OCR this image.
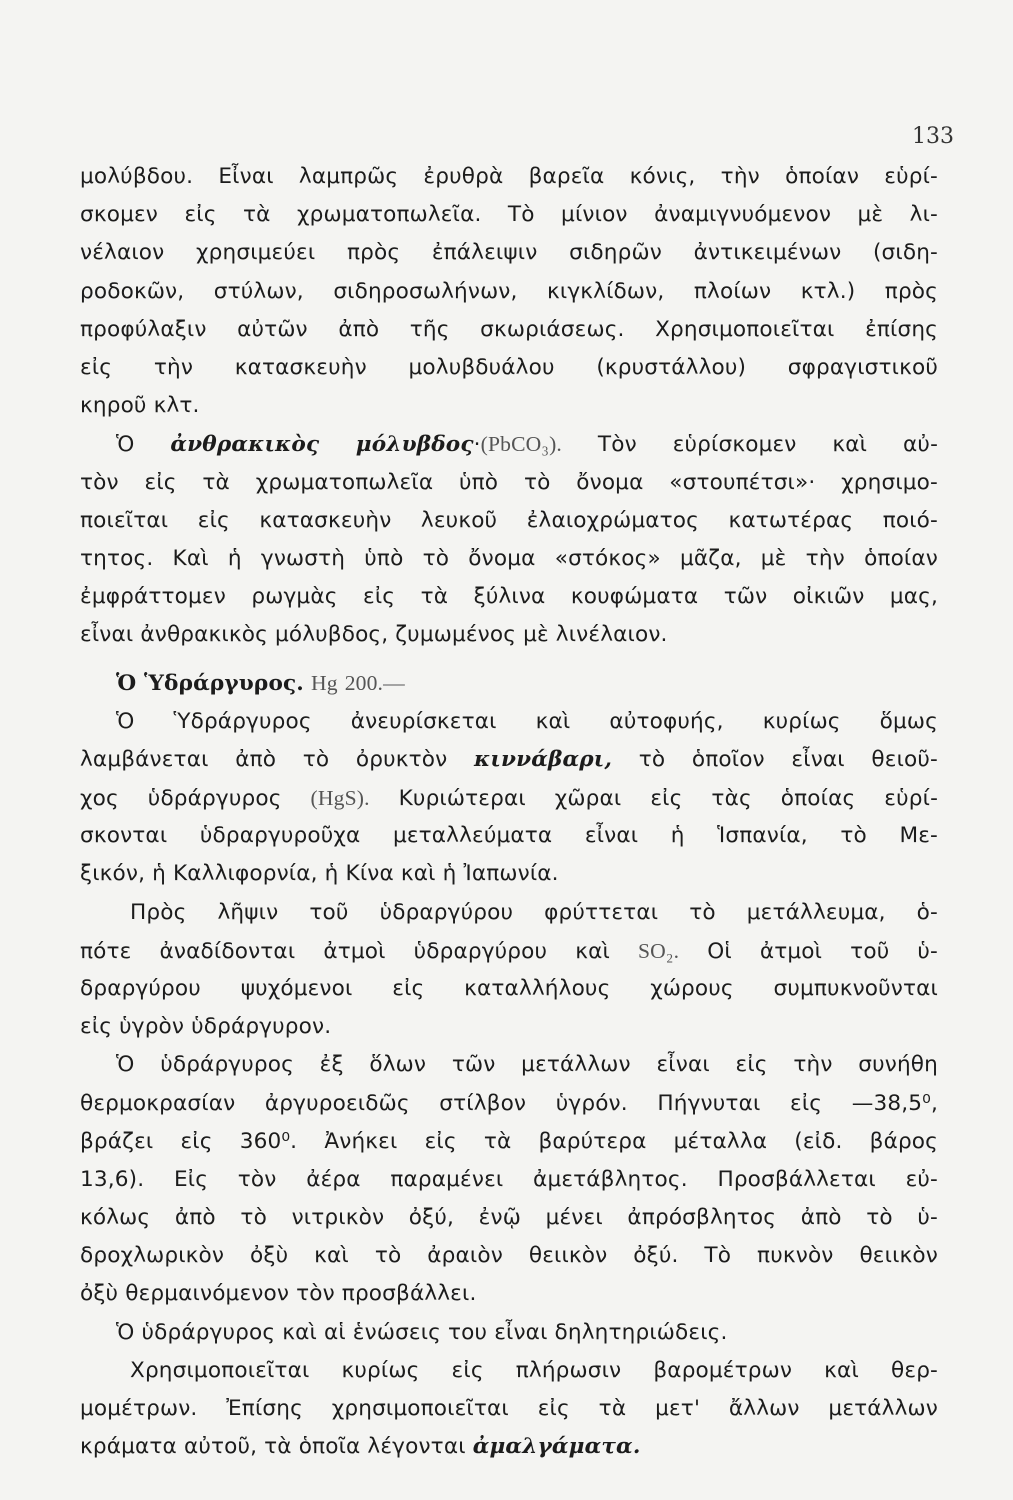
133
μολύβδου. Εἶναι λαμπρῶς ἐρυθρὰ βαρεῖα κόνις, τὴν ὁποίαν εὑρί-
σκομεν εἰς τὰ χρωματοπωλεῖα. Τὸ μίνιον ἀναμιγνυόμενον μὲ λι-
νέλαιον χρησιμεύει πρὸς ἐπάλειψιν σιδηρῶν ἀντικειμένων (σιδη-
ροδοκῶν, στύλων, σιδηροσωλήνων, κιγκλίδων, πλοίων κτλ.) πρὸς
προφύλαξιν αὐτῶν ἀπὸ τῆς σκωριάσεως. Χρησιμοποιεῖται ἐπίσης
εἰς τὴν κατασκευὴν μολυβδυάλου (κρυστάλλου) σφραγιστικοῦ
κηροῦ κλτ.
Ὁ ἀνθρακικὸς μόλυβδος·(PbCO₃). Τὸν εὑρίσκομεν καὶ αὐ-
τὸν εἰς τὰ χρωματοπωλεῖα ὑπὸ τὸ ὄνομα «στουπέτσι»· χρησιμο-
ποιεῖται εἰς κατασκευὴν λευκοῦ ἐλαιοχρώματος κατωτέρας ποιό-
τητος. Καὶ ἡ γνωστὴ ὑπὸ τὸ ὄνομα «στόκος» μᾶζα, μὲ τὴν ὁποίαν
ἐμφράττομεν ρωγμὰς εἰς τὰ ξύλινα κουφώματα τῶν οἰκιῶν μας,
εἶναι ἀνθρακικὸς μόλυβδος, ζυμωμένος μὲ λινέλαιον.
Ὁ Ὑδράργυρος. Hg 200.—
Ὁ Ὑδράργυρος ἀνευρίσκεται καὶ αὐτοφυής, κυρίως ὅμως
λαμβάνεται ἀπὸ τὸ ὀρυκτὸν κιννάβαρι, τὸ ὁποῖον εἶναι θειοῦ-
χος ὑδράργυρος (HgS). Κυριώτεραι χῶραι εἰς τὰς ὁποίας εὑρί-
σκονται ὑδραργυροῦχα μεταλλεύματα εἶναι ἡ Ἱσπανία, τὸ Με-
ξικόν, ἡ Καλλιφορνία, ἡ Κίνα καὶ ἡ Ἰαπωνία.
Πρὸς λῆψιν τοῦ ὑδραργύρου φρύττεται τὸ μετάλλευμα, ὁ-
πότε ἀναδίδονται ἀτμοὶ ὑδραργύρου καὶ SO₂. Οἱ ἀτμοὶ τοῦ ὑ-
δραργύρου ψυχόμενοι εἰς καταλλήλους χώρους συμπυκνοῦνται
εἰς ὑγρὸν ὑδράργυρον.
Ὁ ὑδράργυρος ἐξ ὅλων τῶν μετάλλων εἶναι εἰς τὴν συνήθη
θερμοκρασίαν ἀργυροειδῶς στίλβον ὑγρόν. Πήγνυται εἰς —38,5⁰,
βράζει εἰς 360⁰. Ἀνήκει εἰς τὰ βαρύτερα μέταλλα (εἰδ. βάρος
13,6). Εἰς τὸν ἀέρα παραμένει ἀμετάβλητος. Προσβάλλεται εὐ-
κόλως ἀπὸ τὸ νιτρικὸν ὀξύ, ἐνῷ μένει ἀπρόσβλητος ἀπὸ τὸ ὑ-
δροχλωρικὸν ὀξὺ καὶ τὸ ἀραιὸν θειικὸν ὀξύ. Τὸ πυκνὸν θειικὸν
ὀξὺ θερμαινόμενον τὸν προσβάλλει.
Ὁ ὑδράργυρος καὶ αἱ ἑνώσεις του εἶναι δηλητηριώδεις.
Χρησιμοποιεῖται κυρίως εἰς πλήρωσιν βαρομέτρων καὶ θερ-
μομέτρων. Ἐπίσης χρησιμοποιεῖται εἰς τὰ μετ' ἄλλων μετάλλων
κράματα αὐτοῦ, τὰ ὁποῖα λέγονται ἀμαλγάματα.
